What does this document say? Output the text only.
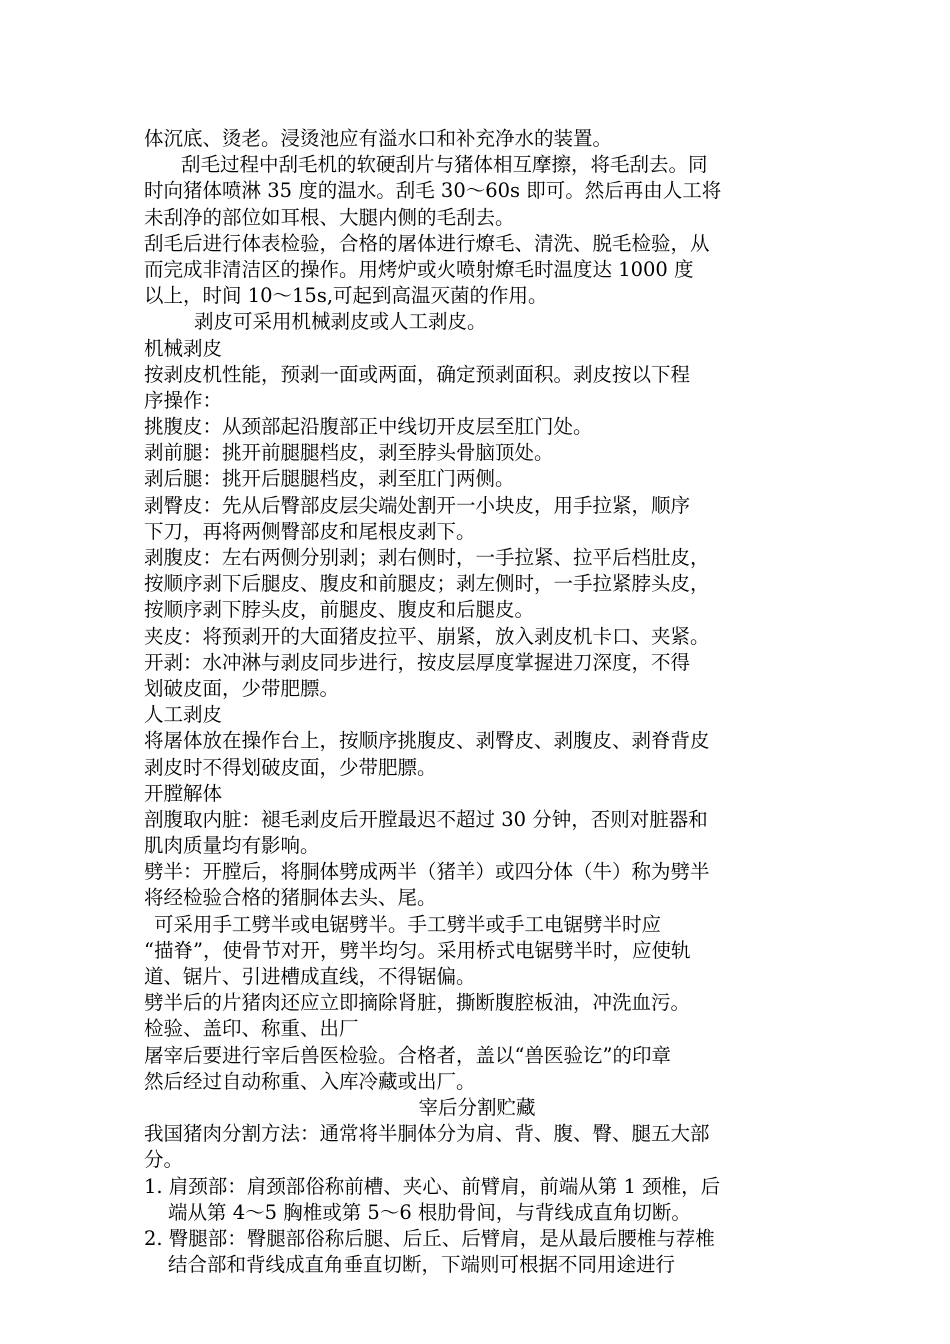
体沉底、烫老。浸烫池应有溢水口和补充净水的装置。
刮毛过程中刮毛机的软硬刮片与猪体相互摩擦，将毛刮去。同
时向猪体喷淋 35 度的温水。刮毛 30～60s 即可。然后再由人工将
未刮净的部位如耳根、大腿内侧的毛刮去。
刮毛后进行体表检验，合格的屠体进行燎毛、清洗、脱毛检验，从
而完成非清洁区的操作。用烤炉或火喷射燎毛时温度达 1000 度
以上，时间 10～15s,可起到高温灭菌的作用。
剥皮可采用机械剥皮或人工剥皮。
机械剥皮
按剥皮机性能，预剥一面或两面，确定预剥面积。剥皮按以下程
序操作：
挑腹皮：从颈部起沿腹部正中线切开皮层至肛门处。
剥前腿：挑开前腿腿档皮，剥至脖头骨脑顶处。
剥后腿：挑开后腿腿档皮，剥至肛门两侧。
剥臀皮：先从后臀部皮层尖端处割开一小块皮，用手拉紧，顺序
下刀，再将两侧臀部皮和尾根皮剥下。
剥腹皮：左右两侧分别剥；剥右侧时，一手拉紧、拉平后档肚皮，
按顺序剥下后腿皮、腹皮和前腿皮；剥左侧时，一手拉紧脖头皮，
按顺序剥下脖头皮，前腿皮、腹皮和后腿皮。
夹皮：将预剥开的大面猪皮拉平、崩紧，放入剥皮机卡口、夹紧。
开剥：水冲淋与剥皮同步进行，按皮层厚度掌握进刀深度，不得
划破皮面，少带肥膘。
人工剥皮
将屠体放在操作台上，按顺序挑腹皮、剥臀皮、剥腹皮、剥脊背皮
剥皮时不得划破皮面，少带肥膘。
开膛解体
剖腹取内脏：褪毛剥皮后开膛最迟不超过 30 分钟，否则对脏器和
肌肉质量均有影响。
劈半：开膛后，将胴体劈成两半（猪羊）或四分体（牛）称为劈半
将经检验合格的猪胴体去头、尾。
可采用手工劈半或电锯劈半。手工劈半或手工电锯劈半时应
“描脊”，使骨节对开，劈半均匀。采用桥式电锯劈半时，应使轨
道、锯片、引进槽成直线，不得锯偏。
劈半后的片猪肉还应立即摘除肾脏，撕断腹腔板油，冲洗血污。
检验、盖印、称重、出厂
屠宰后要进行宰后兽医检验。合格者，盖以“兽医验讫”的印章
然后经过自动称重、入库冷藏或出厂。
宰后分割贮藏
我国猪肉分割方法：通常将半胴体分为肩、背、腹、臀、腿五大部
分。
1. 肩颈部：肩颈部俗称前槽、夹心、前臂肩，前端从第 1 颈椎，后
端从第 4～5 胸椎或第 5～6 根肋骨间，与背线成直角切断。
2. 臀腿部：臀腿部俗称后腿、后丘、后臂肩，是从最后腰椎与荐椎
结合部和背线成直角垂直切断，下端则可根据不同用途进行
